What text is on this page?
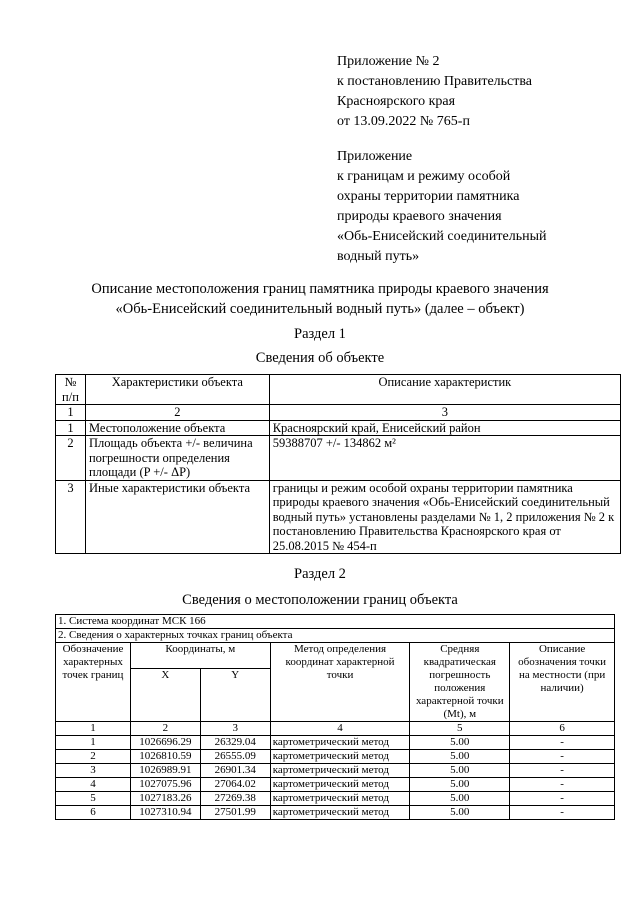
Приложение № 2
к постановлению Правительства
Красноярского края
от 13.09.2022 № 765-п
Приложение
к границам и режиму особой
охраны территории памятника
природы краевого значения
«Обь-Енисейский соединительный
водный путь»
Описание местоположения границ памятника природы краевого значения
«Обь-Енисейский соединительный водный путь» (далее – объект)
Раздел 1
Сведения об объекте
№ п/п	Характеристики объекта	Описание характеристик
1	2	3
1	Местоположение объекта	Красноярский край, Енисейский район
2	Площадь объекта +/- величина погрешности определения площади (P +/- ΔP)	59388707 +/- 134862 м²
3	Иные характеристики объекта	границы и режим особой охраны территории памятника природы краевого значения «Обь-Енисейский соединительный водный путь» установлены разделами № 1, 2 приложения № 2 к постановлению Правительства Красноярского края от 25.08.2015 № 454-п
Раздел 2
Сведения о местоположении границ объекта
1. Система координат МСК 166					
2. Сведения о характерных точках границ объекта					
Обозначение характерных точек границ	Координаты, м		Метод определения координат характерной точки	Средняя квадратическая погрешность положения характерной точки (Mt), м	Описание обозначения точки на местности (при наличии)
	X	Y			
1	2	3	4	5	6
1	1026696.29	26329.04	картометрический метод	5.00	-
2	1026810.59	26555.09	картометрический метод	5.00	-
3	1026989.91	26901.34	картометрический метод	5.00	-
4	1027075.96	27064.02	картометрический метод	5.00	-
5	1027183.26	27269.38	картометрический метод	5.00	-
6	1027310.94	27501.99	картометрический метод	5.00	-
